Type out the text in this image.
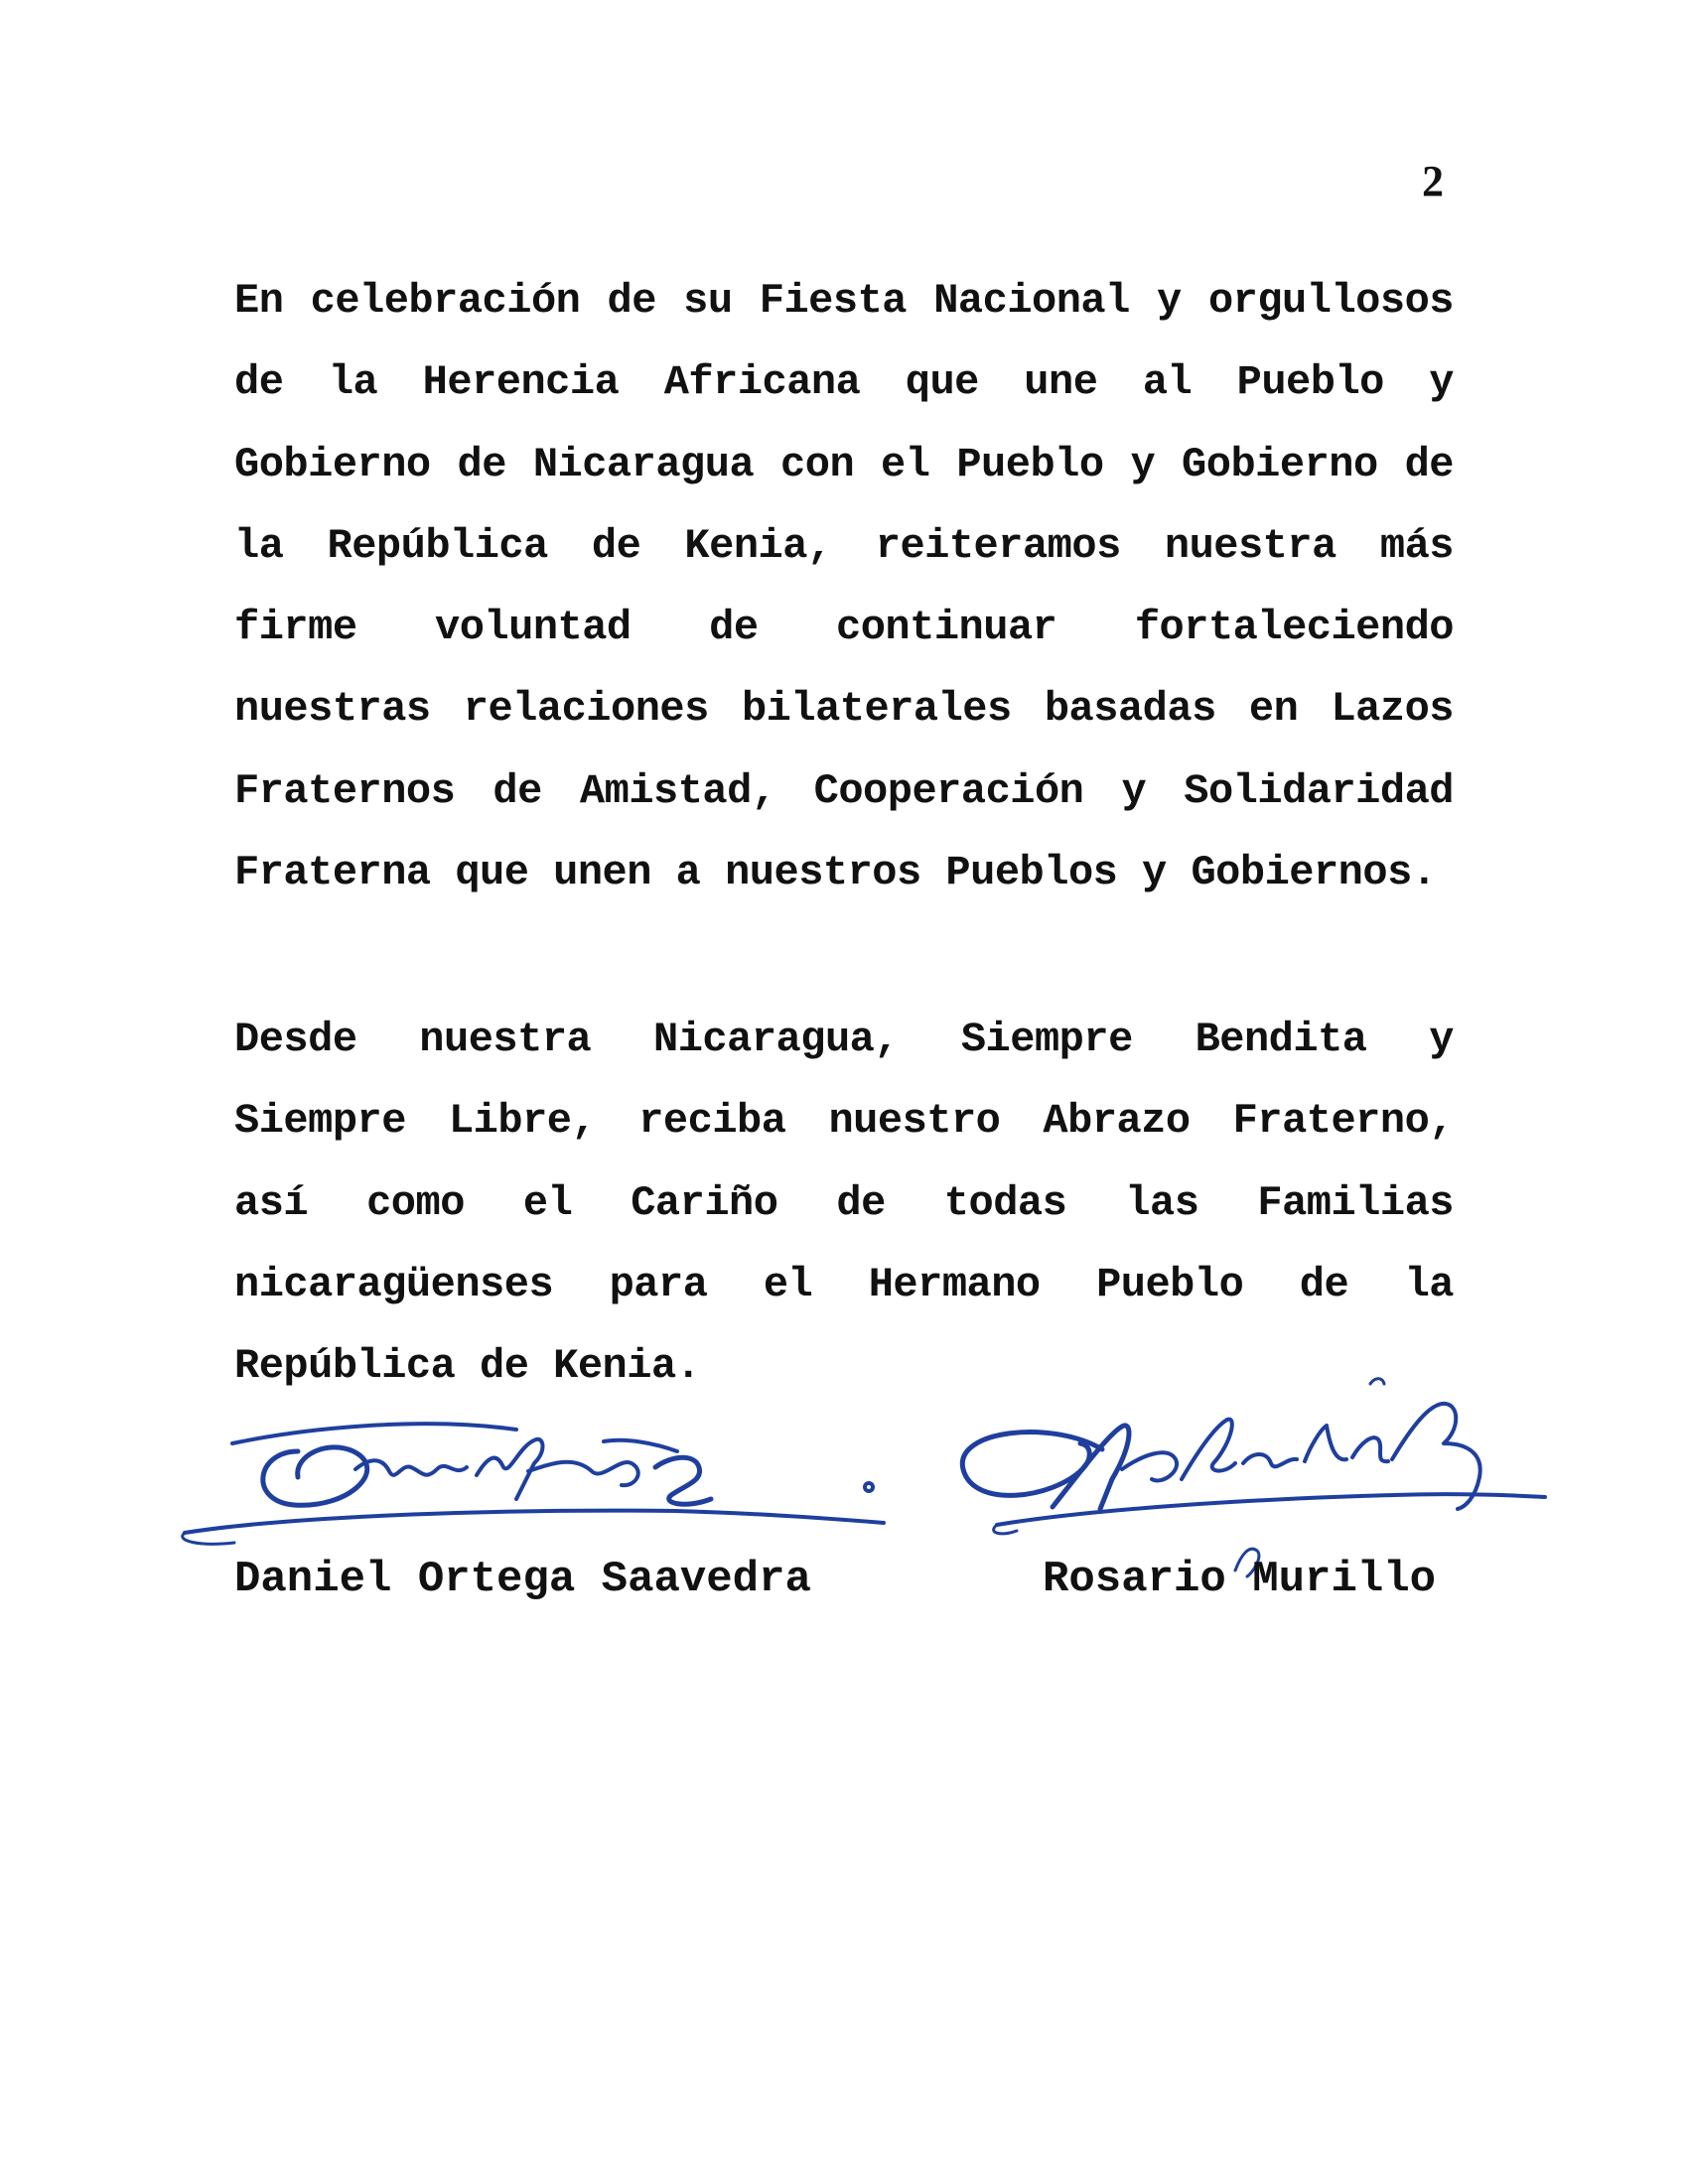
2

En celebración de su Fiesta Nacional y orgullosos de la Herencia Africana que une al Pueblo y Gobierno de Nicaragua con el Pueblo y Gobierno de la República de Kenia, reiteramos nuestra más firme voluntad de continuar fortaleciendo nuestras relaciones bilaterales basadas en Lazos Fraternos de Amistad, Cooperación y Solidaridad Fraterna que unen a nuestros Pueblos y Gobiernos.

Desde nuestra Nicaragua, Siempre Bendita y Siempre Libre, reciba nuestro Abrazo Fraterno, así como el Cariño de todas las Familias nicaragüenses para el Hermano Pueblo de la República de Kenia.

Daniel Ortega Saavedra	Rosario Murillo
